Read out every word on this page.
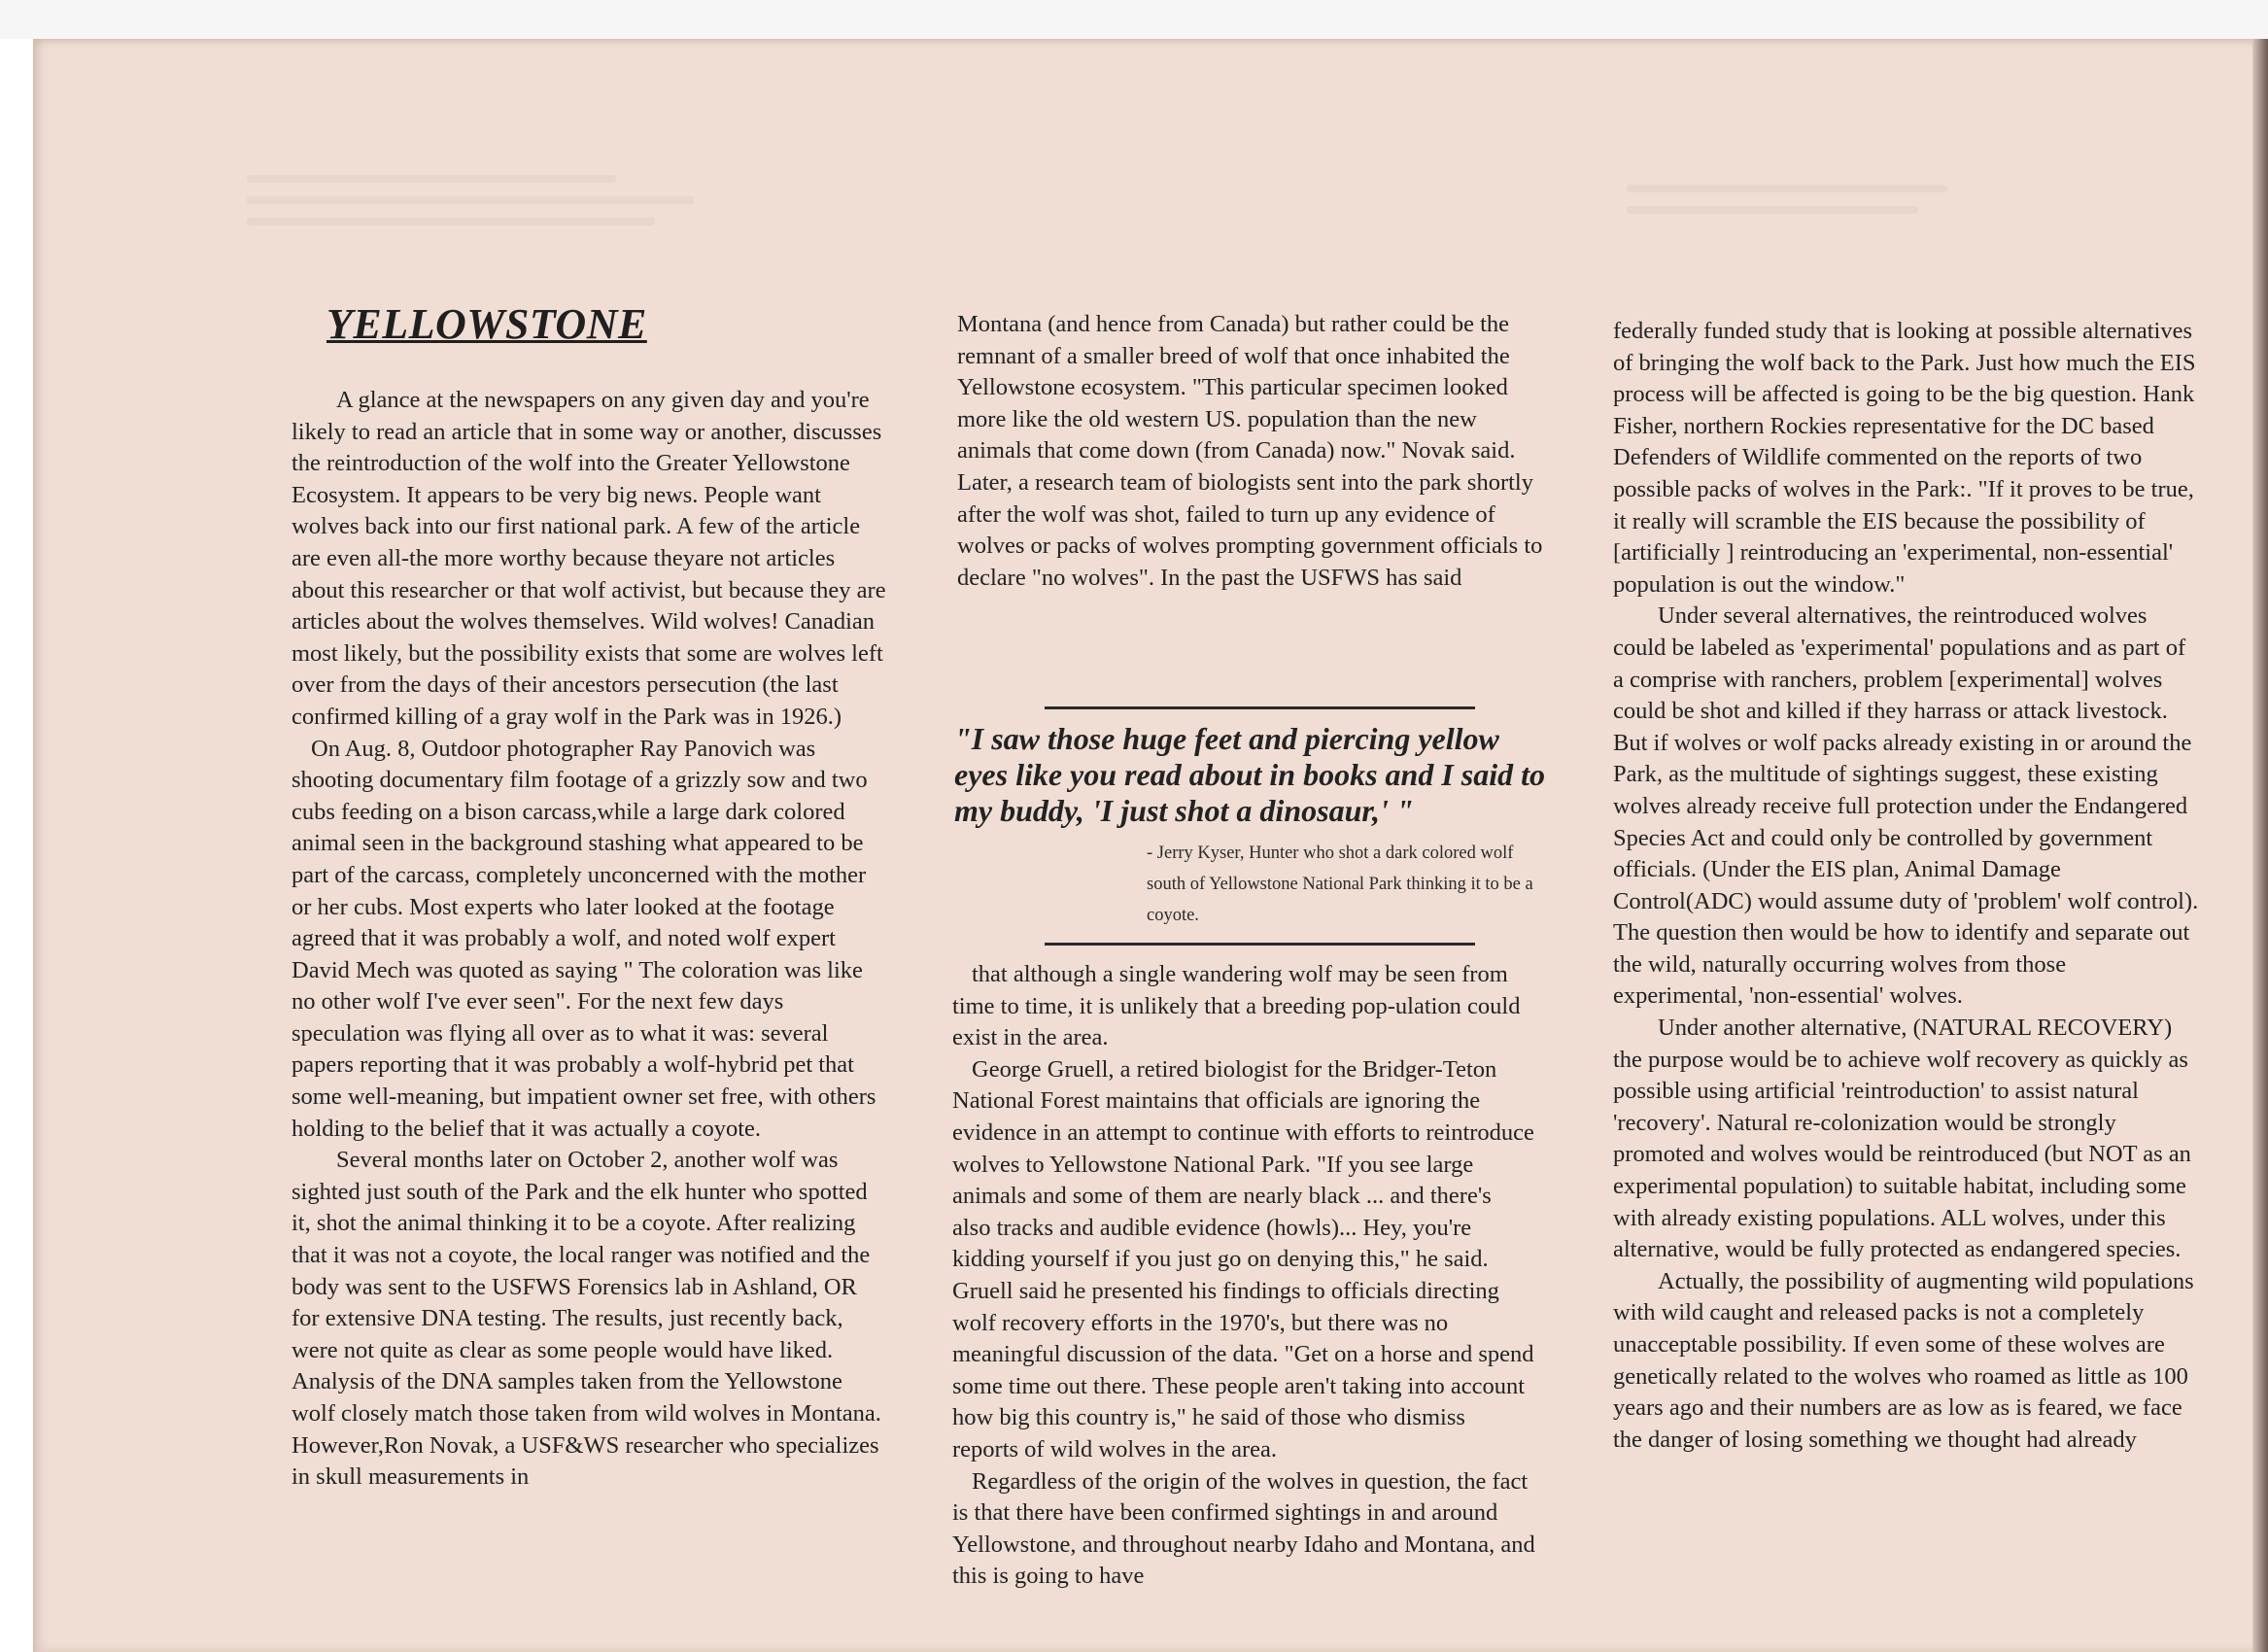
YELLOWSTONE

A glance at the newspapers on any given day and you're likely to read an article that in some way or another, discusses the reintroduction of the wolf into the Greater Yellowstone Ecosystem. It appears to be very big news. People want wolves back into our first national park. A few of the article are even all-the more worthy because theyare not articles about this researcher or that wolf activist, but because they are articles about the wolves themselves. Wild wolves! Canadian most likely, but the possibility exists that some are wolves left over from the days of their ancestors persecution (the last confirmed killing of a gray wolf in the Park was in 1926.)

On Aug. 8, Outdoor photographer Ray Panovich was shooting documentary film footage of a grizzly sow and two cubs feeding on a bison carcass,while a large dark colored animal seen in the background stashing what appeared to be part of the carcass, completely unconcerned with the mother or her cubs. Most experts who later looked at the footage agreed that it was probably a wolf, and noted wolf expert David Mech was quoted as saying " The coloration was like no other wolf I've ever seen". For the next few days speculation was flying all over as to what it was: several papers reporting that it was probably a wolf-hybrid pet that some well-meaning, but impatient owner set free, with others holding to the belief that it was actually a coyote.

Several months later on October 2, another wolf was sighted just south of the Park and the elk hunter who spotted it, shot the animal thinking it to be a coyote. After realizing that it was not a coyote, the local ranger was notified and the body was sent to the USFWS Forensics lab in Ashland, OR for extensive DNA testing. The results, just recently back, were not quite as clear as some people would have liked. Analysis of the DNA samples taken from the Yellowstone wolf closely match those taken from wild wolves in Montana. However,Ron Novak, a USF&WS researcher who specializes in skull measurements in

Montana (and hence from Canada) but rather could be the remnant of a smaller breed of wolf that once inhabited the Yellowstone ecosystem. "This particular specimen looked more like the old western US. population than the new animals that come down (from Canada) now." Novak said. Later, a research team of biologists sent into the park shortly after the wolf was shot, failed to turn up any evidence of wolves or packs of wolves prompting government officials to declare "no wolves". In the past the USFWS has said

"I saw those huge feet and piercing yellow eyes like you read about in books and I said to my buddy, 'I just shot a dinosaur,' "

- Jerry Kyser, Hunter who shot a dark colored wolf south of Yellowstone National Park thinking it to be a coyote.

that although a single wandering wolf may be seen from time to time, it is unlikely that a breeding pop-ulation could exist in the area.

George Gruell, a retired biologist for the Bridger-Teton National Forest maintains that officials are ignoring the evidence in an attempt to continue with efforts to reintroduce wolves to Yellowstone National Park. "If you see large animals and some of them are nearly black ... and there's also tracks and audible evidence (howls)... Hey, you're kidding yourself if you just go on denying this," he said. Gruell said he presented his findings to officials directing wolf recovery efforts in the 1970's, but there was no meaningful discussion of the data. "Get on a horse and spend some time out there. These people aren't taking into account how big this country is," he said of those who dismiss reports of wild wolves in the area.

Regardless of the origin of the wolves in question, the fact is that there have been confirmed sightings in and around Yellowstone, and throughout nearby Idaho and Montana, and this is going to have

federally funded study that is looking at possible alternatives of bringing the wolf back to the Park. Just how much the EIS process will be affected is going to be the big question. Hank Fisher, northern Rockies representative for the DC based Defenders of Wildlife commented on the reports of two possible packs of wolves in the Park:. "If it proves to be true, it really will scramble the EIS because the possibility of [artificially ] reintroducing an 'experimental, non-essential' population is out the window."

Under several alternatives, the reintroduced wolves could be labeled as 'experimental' populations and as part of a comprise with ranchers, problem [experimental] wolves could be shot and killed if they harrass or attack livestock. But if wolves or wolf packs already existing in or around the Park, as the multitude of sightings suggest, these existing wolves already receive full protection under the Endangered Species Act and could only be controlled by government officials. (Under the EIS plan, Animal Damage Control(ADC) would assume duty of 'problem' wolf control). The question then would be how to identify and separate out the wild, naturally occurring wolves from those experimental, 'non-essential' wolves.

Under another alternative, (NATURAL RECOVERY) the purpose would be to achieve wolf recovery as quickly as possible using artificial 'reintroduction' to assist natural 'recovery'. Natural re-colonization would be strongly promoted and wolves would be reintroduced (but NOT as an experimental population) to suitable habitat, including some with already existing populations. ALL wolves, under this alternative, would be fully protected as endangered species.

Actually, the possibility of augmenting wild populations with wild caught and released packs is not a completely unacceptable possibility. If even some of these wolves are genetically related to the wolves who roamed as little as 100 years ago and their numbers are as low as is feared, we face the danger of losing something we thought had already
